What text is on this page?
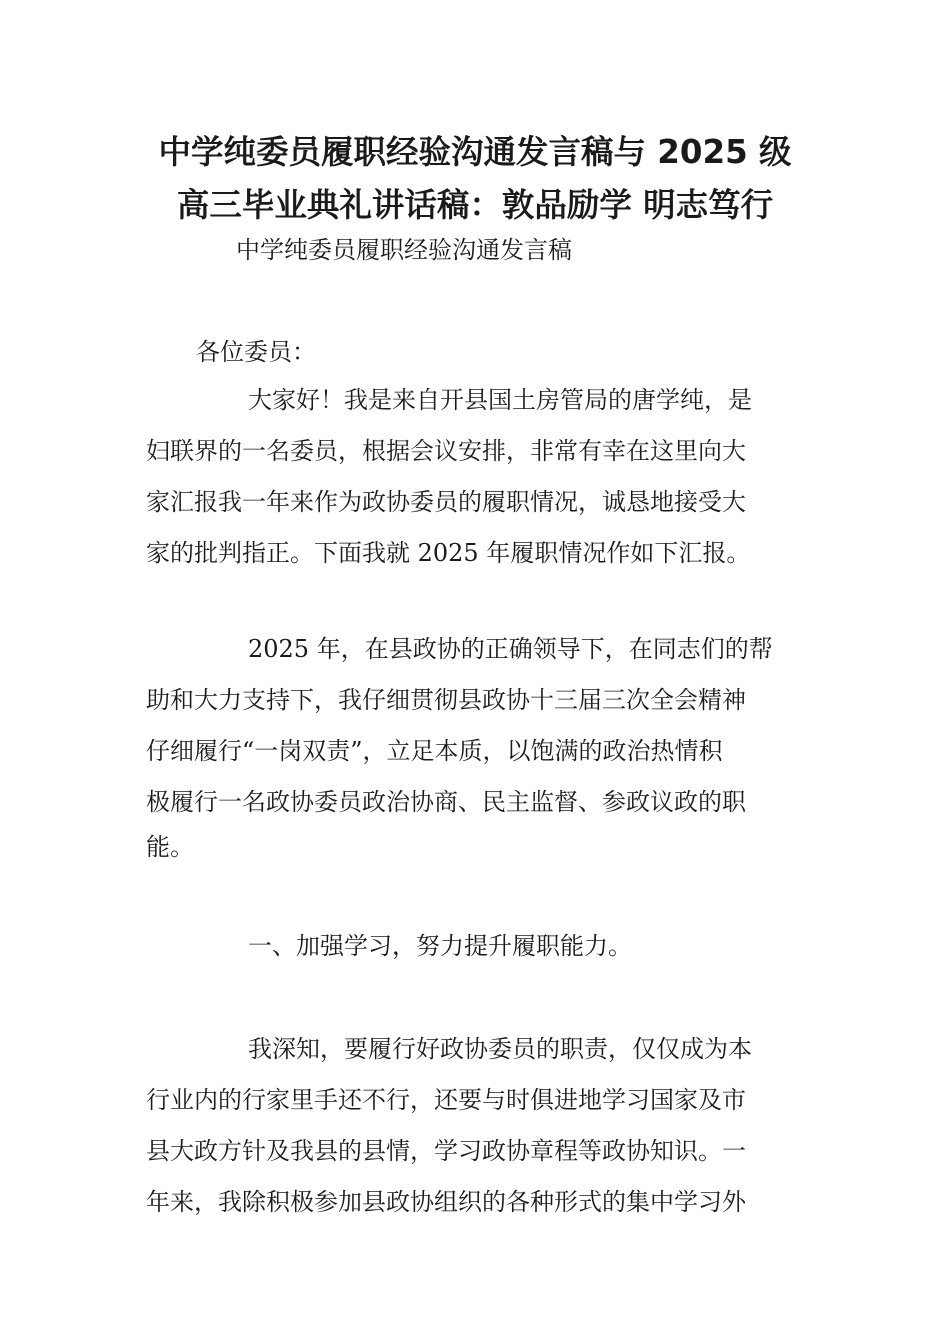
中学纯委员履职经验沟通发言稿与 2025 级
高三毕业典礼讲话稿：敦品励学 明志笃行
中学纯委员履职经验沟通发言稿
各位委员：
大家好！我是来自开县国土房管局的唐学纯，是
妇联界的一名委员，根据会议安排，非常有幸在这里向大
家汇报我一年来作为政协委员的履职情况，诚恳地接受大
家的批判指正。下面我就 2025 年履职情况作如下汇报。
2025 年，在县政协的正确领导下，在同志们的帮
助和大力支持下，我仔细贯彻县政协十三届三次全会精神
仔细履行“一岗双责”，立足本质，以饱满的政治热情积
极履行一名政协委员政治协商、民主监督、参政议政的职
能。
一、加强学习，努力提升履职能力。
我深知，要履行好政协委员的职责，仅仅成为本
行业内的行家里手还不行，还要与时俱进地学习国家及市
县大政方针及我县的县情，学习政协章程等政协知识。一
年来，我除积极参加县政协组织的各种形式的集中学习外
